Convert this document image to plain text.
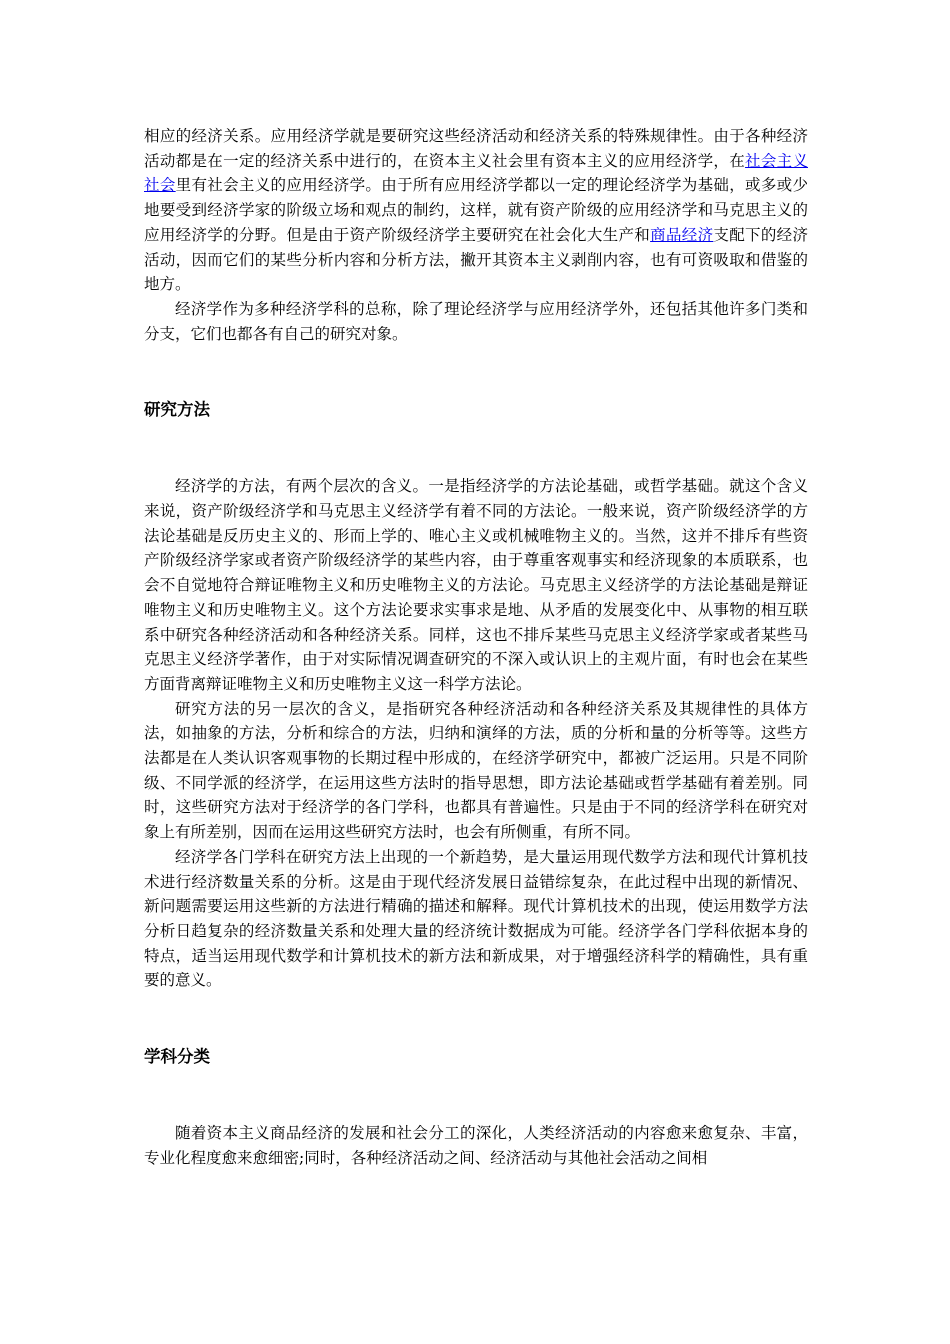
相应的经济关系。应用经济学就是要研究这些经济活动和经济关系的特殊规律性。由于各种经济活动都是在一定的经济关系中进行的，在资本主义社会里有资本主义的应用经济学，在社会主义社会里有社会主义的应用经济学。由于所有应用经济学都以一定的理论经济学为基础，或多或少地要受到经济学家的阶级立场和观点的制约，这样，就有资产阶级的应用经济学和马克思主义的应用经济学的分野。但是由于资产阶级经济学主要研究在社会化大生产和商品经济支配下的经济活动，因而它们的某些分析内容和分析方法，撇开其资本主义剥削内容，也有可资吸取和借鉴的地方。

经济学作为多种经济学科的总称，除了理论经济学与应用经济学外，还包括其他许多门类和分支，它们也都各有自己的研究对象。

研究方法

经济学的方法，有两个层次的含义。一是指经济学的方法论基础，或哲学基础。就这个含义来说，资产阶级经济学和马克思主义经济学有着不同的方法论。一般来说，资产阶级经济学的方法论基础是反历史主义的、形而上学的、唯心主义或机械唯物主义的。当然，这并不排斥有些资产阶级经济学家或者资产阶级经济学的某些内容，由于尊重客观事实和经济现象的本质联系，也会不自觉地符合辩证唯物主义和历史唯物主义的方法论。马克思主义经济学的方法论基础是辩证唯物主义和历史唯物主义。这个方法论要求实事求是地、从矛盾的发展变化中、从事物的相互联系中研究各种经济活动和各种经济关系。同样，这也不排斥某些马克思主义经济学家或者某些马克思主义经济学著作，由于对实际情况调查研究的不深入或认识上的主观片面，有时也会在某些方面背离辩证唯物主义和历史唯物主义这一科学方法论。

研究方法的另一层次的含义，是指研究各种经济活动和各种经济关系及其规律性的具体方法，如抽象的方法，分析和综合的方法，归纳和演绎的方法，质的分析和量的分析等等。这些方法都是在人类认识客观事物的长期过程中形成的，在经济学研究中，都被广泛运用。只是不同阶级、不同学派的经济学，在运用这些方法时的指导思想，即方法论基础或哲学基础有着差别。同时，这些研究方法对于经济学的各门学科，也都具有普遍性。只是由于不同的经济学科在研究对象上有所差别，因而在运用这些研究方法时，也会有所侧重，有所不同。

经济学各门学科在研究方法上出现的一个新趋势，是大量运用现代数学方法和现代计算机技术进行经济数量关系的分析。这是由于现代经济发展日益错综复杂，在此过程中出现的新情况、新问题需要运用这些新的方法进行精确的描述和解释。现代计算机技术的出现，使运用数学方法分析日趋复杂的经济数量关系和处理大量的经济统计数据成为可能。经济学各门学科依据本身的特点，适当运用现代数学和计算机技术的新方法和新成果，对于增强经济科学的精确性，具有重要的意义。

学科分类

随着资本主义商品经济的发展和社会分工的深化，人类经济活动的内容愈来愈复杂、丰富，专业化程度愈来愈细密;同时，各种经济活动之间、经济活动与其他社会活动之间相
